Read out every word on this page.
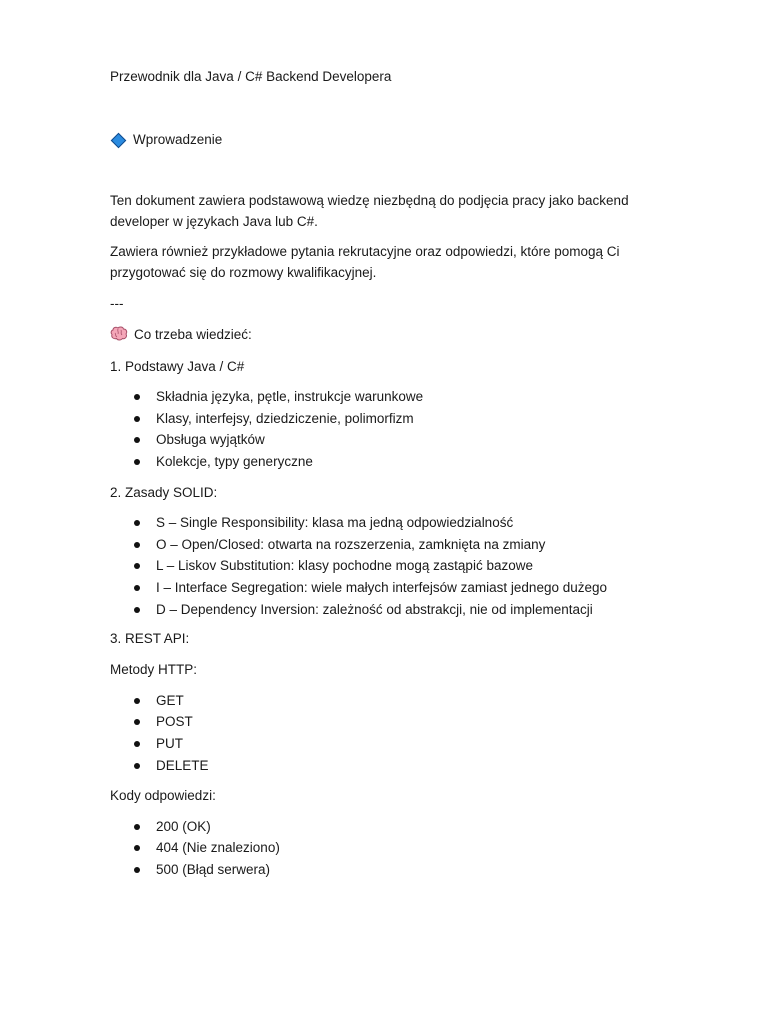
Przewodnik dla Java / C# Backend Developera
Wprowadzenie
Ten dokument zawiera podstawową wiedzę niezbędną do podjęcia pracy jako backend
developer w językach Java lub C#.
Zawiera również przykładowe pytania rekrutacyjne oraz odpowiedzi, które pomogą Ci
przygotować się do rozmowy kwalifikacyjnej.
---
Co trzeba wiedzieć:
1. Podstawy Java / C#
Składnia języka, pętle, instrukcje warunkowe
Klasy, interfejsy, dziedziczenie, polimorfizm
Obsługa wyjątków
Kolekcje, typy generyczne
2. Zasady SOLID:
S – Single Responsibility: klasa ma jedną odpowiedzialność
O – Open/Closed: otwarta na rozszerzenia, zamknięta na zmiany
L – Liskov Substitution: klasy pochodne mogą zastąpić bazowe
I – Interface Segregation: wiele małych interfejsów zamiast jednego dużego
D – Dependency Inversion: zależność od abstrakcji, nie od implementacji
3. REST API:
Metody HTTP:
GET
POST
PUT
DELETE
Kody odpowiedzi:
200 (OK)
404 (Nie znaleziono)
500 (Błąd serwera)
